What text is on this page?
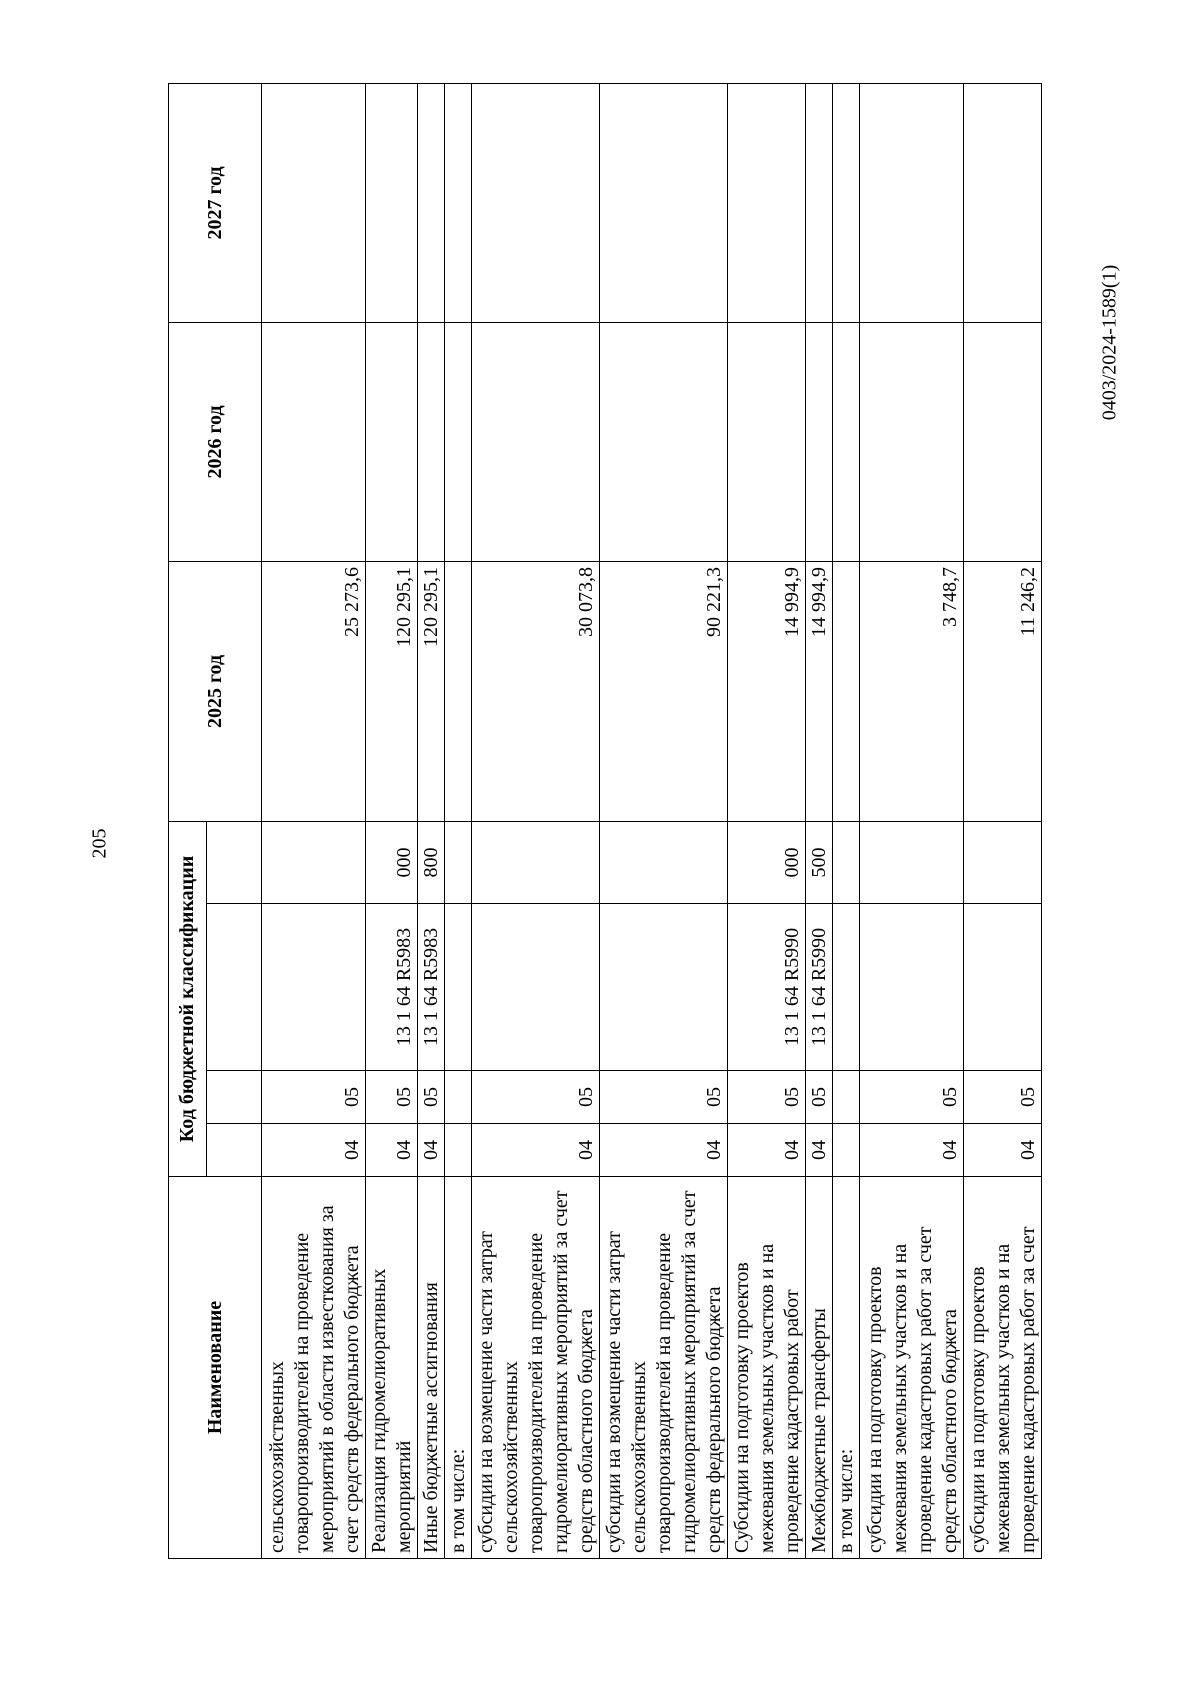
205
0403/2024-1589(1)
Наименование	Код бюджетной классификации				2025 год	2026 год	2027 год

сельскохозяйственных товаропроизводителей на проведение мероприятий в области известкования за счет средств федерального бюджета	04	05			25 273,6		
Реализация гидромелиоративных мероприятий	04	05	13 1 64 R5983	000	120 295,1		
Иные бюджетные ассигнования	04	05	13 1 64 R5983	800	120 295,1		
в том числе:							
субсидии на возмещение части затрат сельскохозяйственных товаропроизводителей на проведение гидромелиоративных мероприятий за счет средств областного бюджета	04	05			30 073,8		
субсидии на возмещение части затрат сельскохозяйственных товаропроизводителей на проведение гидромелиоративных мероприятий за счет средств федерального бюджета	04	05			90 221,3		
Субсидии на подготовку проектов межевания земельных участков и на проведение кадастровых работ	04	05	13 1 64 R5990	000	14 994,9		
Межбюджетные трансферты	04	05	13 1 64 R5990	500	14 994,9		
в том числе:							
субсидии на подготовку проектов межевания земельных участков и на проведение кадастровых работ за счет средств областного бюджета	04	05			3 748,7		
субсидии на подготовку проектов межевания земельных участков и на проведение кадастровых работ за счет	04	05			11 246,2		
